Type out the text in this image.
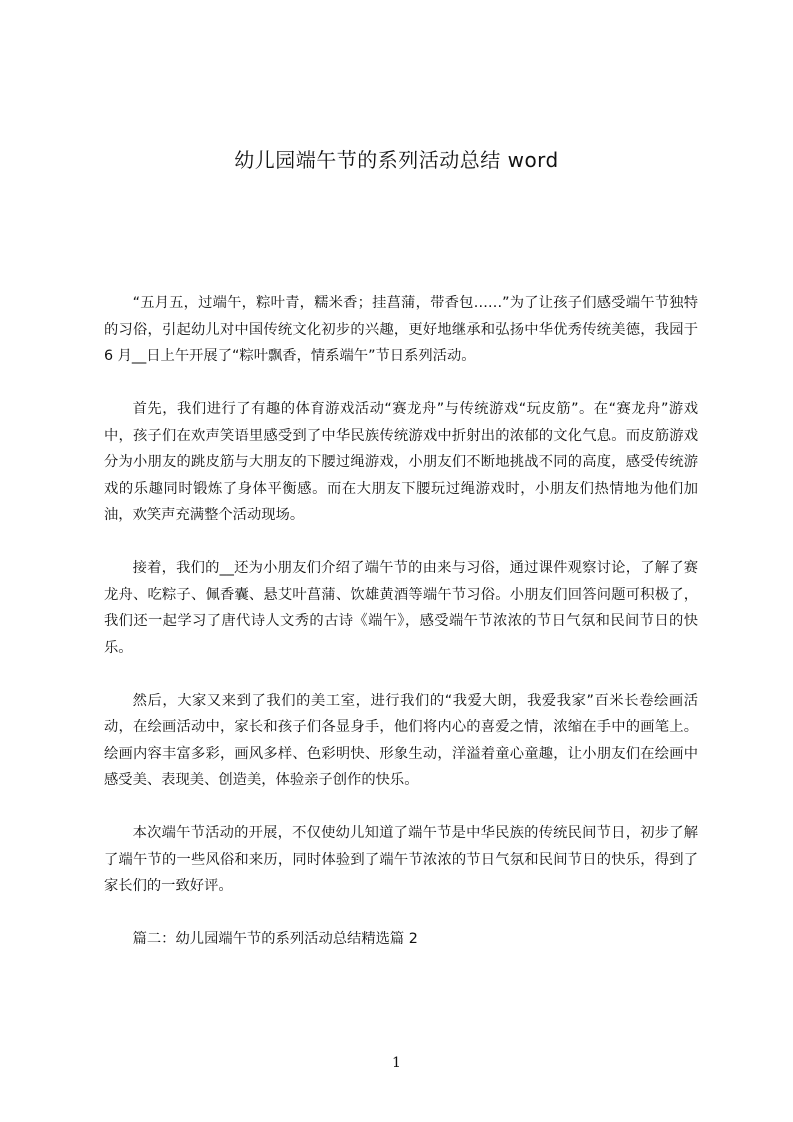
幼儿园端午节的系列活动总结 word

“五月五，过端午，粽叶青，糯米香；挂菖蒲，带香包……”为了让孩子们感受端午节独特的习俗，引起幼儿对中国传统文化初步的兴趣，更好地继承和弘扬中华优秀传统美德，我园于 6 月__日上午开展了“粽叶飘香，情系端午”节日系列活动。

首先，我们进行了有趣的体育游戏活动“赛龙舟”与传统游戏“玩皮筋”。在“赛龙舟”游戏中，孩子们在欢声笑语里感受到了中华民族传统游戏中折射出的浓郁的文化气息。而皮筋游戏分为小朋友的跳皮筋与大朋友的下腰过绳游戏，小朋友们不断地挑战不同的高度，感受传统游戏的乐趣同时锻炼了身体平衡感。而在大朋友下腰玩过绳游戏时，小朋友们热情地为他们加油，欢笑声充满整个活动现场。

接着，我们的__还为小朋友们介绍了端午节的由来与习俗，通过课件观察讨论，了解了赛龙舟、吃粽子、佩香囊、悬艾叶菖蒲、饮雄黄酒等端午节习俗。小朋友们回答问题可积极了，我们还一起学习了唐代诗人文秀的古诗《端午》，感受端午节浓浓的节日气氛和民间节日的快乐。

然后，大家又来到了我们的美工室，进行我们的“我爱大朗，我爱我家”百米长卷绘画活动，在绘画活动中，家长和孩子们各显身手，他们将内心的喜爱之情，浓缩在手中的画笔上。绘画内容丰富多彩，画风多样、色彩明快、形象生动，洋溢着童心童趣，让小朋友们在绘画中感受美、表现美、创造美，体验亲子创作的快乐。

本次端午节活动的开展，不仅使幼儿知道了端午节是中华民族的传统民间节日，初步了解了端午节的一些风俗和来历，同时体验到了端午节浓浓的节日气氛和民间节日的快乐，得到了家长们的一致好评。

篇二：幼儿园端午节的系列活动总结精选篇 2

1
